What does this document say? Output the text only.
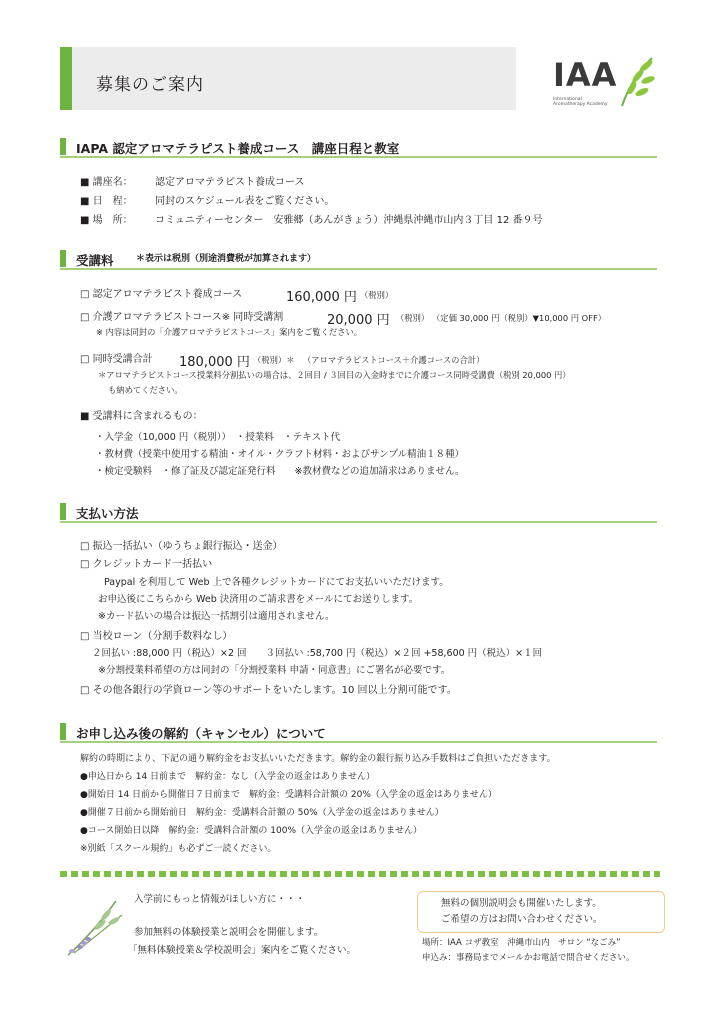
募集のご案内	IAA
International
Aromatherapy Academy
IAPA 認定アロマテラピスト養成コース　講座日程と教室
■ 講座名： 認定アロマテラピスト養成コース
■ 日　程： 同封のスケジュール表をご覧ください。
■ 場　所： コミュニティーセンター　安雅郷（あんがきょう）沖縄県沖縄市山内３丁目 12 番９号
受講料 ＊表示は税別（別途消費税が加算されます）
□ 認定アロマテラピスト養成コース	160,000 円 （税別）
□ 介護アロマテラピストコース※ 同時受講割	20,000 円 （税別） （定価 30,000 円（税別）▼10,000 円 OFF）
※ 内容は同封の「介護アロマテラピストコース」案内をご覧ください。
□ 同時受講合計 180,000 円 （税別）＊ （アロマテラピストコース＋介護コースの合計）
＊アロマテラピストコース授業料分割払いの場合は、２回目 / ３回目の入金時までに介護コース同時受講費（税別 20,000 円）
も納めてください。
■ 受講料に含まれるもの：
・入学金（10,000 円（税別））　・授業料　・テキスト代
・教材費（授業中使用する精油・オイル・クラフト材料・およびサンプル精油１８種）
・検定受験料　・修了証及び認定証発行料　　※教材費などの追加請求はありません。
支払い方法
□ 振込一括払い（ゆうちょ銀行振込・送金）
□ クレジットカード一括払い
Paypal を利用して Web 上で各種クレジットカードにてお支払いいただけます。
お申込後にこちらから Web 決済用のご請求書をメールにてお送りします。
※カード払いの場合は振込一括割引は適用されません。
□ 当校ローン（分割手数料なし）
２回払い :88,000 円（税込）×2 回　　３回払い :58,700 円（税込）×２回 +58,600 円（税込）×１回
※分割授業料希望の方は同封の「分割授業料 申請・同意書」にご署名が必要です。
□ その他各銀行の学資ローン等のサポートをいたします。10 回以上分割可能です。
お申し込み後の解約（キャンセル）について
解約の時期により、下記の通り解約金をお支払いいただきます。解約金の銀行振り込み手数料はご負担いただきます。
●申込日から 14 日前まで　解約金：なし（入学金の返金はありません）
●開始日 14 日前から開催日７日前まで　解約金：受講料合計額の 20%（入学金の返金はありません）
●開催７日前から開始前日　解約金：受講料合計額の 50%（入学金の返金はありません）
●コース開始日以降　解約金：受講料合計額の 100%（入学金の返金はありません）
※別紙「スクール規約」も必ずご一読ください。
入学前にもっと情報がほしい方に・・・
参加無料の体験授業と説明会を開催します。
「無料体験授業＆学校説明会」案内をご覧ください。
無料の個別説明会も開催いたします。
ご希望の方はお問い合わせください。
場所：IAA コザ教室　沖縄市山内　サロン “なごみ”
申込み：事務局までメールかお電話で問合せください。
